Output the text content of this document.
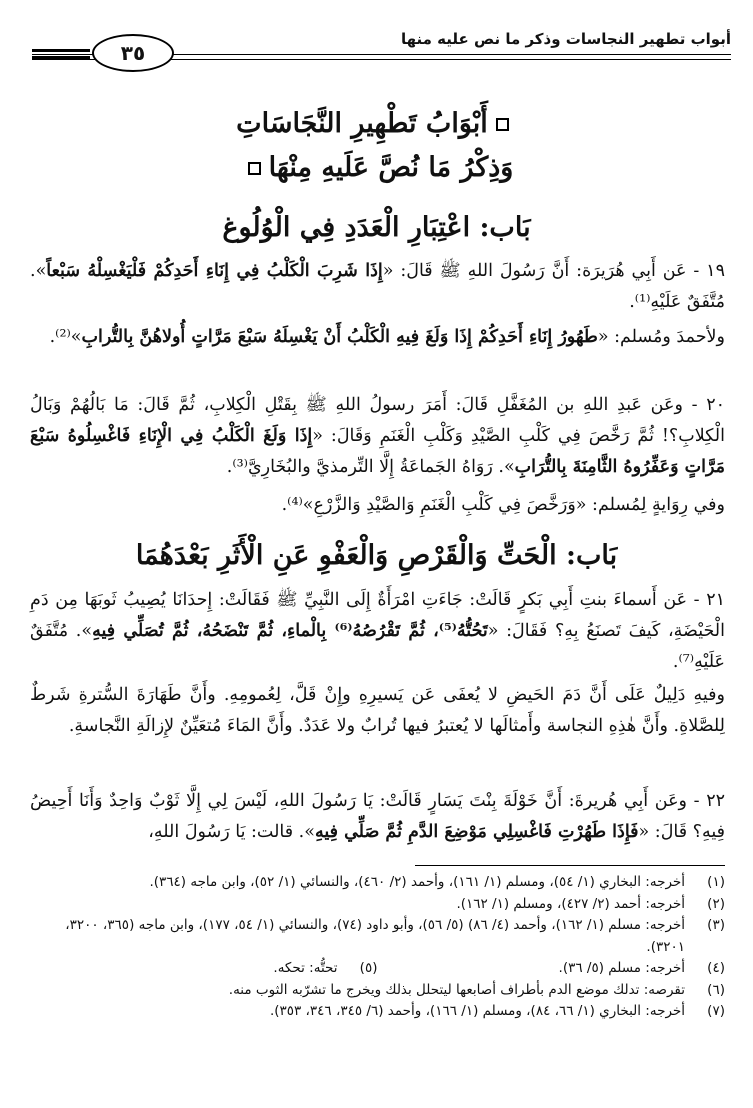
أبواب تطهير النجاسات وذكر ما نص عليه منها
٣٥
أَبْوَابُ تَطْهِيرِ النَّجَاسَاتِ
وَذِكْرُ مَا نُصَّ عَلَيهِ مِنْهَا
بَاب: اعْتِبَارِ الْعَدَدِ فِي الْوُلُوغ
١٩ - عَن أَبِي هُرَيرَة: أَنَّ رَسُولَ اللهِ ﷺ قَالَ: «إِذَا شَرِبَ الْكَلْبُ فِي إِنَاءِ أَحَدِكُمْ فَلْيَغْسِلْهُ سَبْعاً». مُتَّفَقٌ عَلَيْهِ⁽¹⁾.
ولأحمدَ ومُسلم: «طَهُورُ إِنَاءِ أَحَدِكُمْ إِذَا وَلَغَ فِيهِ الْكَلْبُ أَنْ يَغْسِلَهُ سَبْعَ مَرَّاتٍ أُولاهُنَّ بِالتُّرابِ»⁽²⁾.
٢٠ - وعَن عَبدِ اللهِ بن المُغَفَّلِ قَالَ: أَمَرَ رسولُ اللهِ ﷺ بِقَتْلِ الْكِلابِ، ثُمَّ قَالَ: مَا بَالُهُمْ وَبَالُ الْكِلابِ؟! ثُمَّ رَخَّصَ فِي كَلْبِ الصَّيْدِ وَكَلْبِ الْغَنَمِ وَقَالَ: «إِذَا وَلَغَ الْكَلْبُ فِي الْإِنَاءِ فَاغْسِلُوهُ سَبْعَ مَرَّاتٍ وَعَفِّرُوهُ الثَّامِنَةَ بِالتُّرَابِ». رَوَاهُ الجَماعَةُ إِلَّا التِّرمذيَّ والبُخَارِيَّ⁽³⁾.
وفي رِوَايةٍ لِمُسلم: «وَرَخَّصَ فِي كَلْبِ الْغَنَمِ وَالصَّيْدِ وَالزَّرْعِ»⁽⁴⁾.
بَاب: الْحَتِّ وَالْقَرْصِ وَالْعَفْوِ عَنِ الْأَثَرِ بَعْدَهُمَا
٢١ - عَن أَسماءَ بنتِ أَبِي بَكرٍ قَالَتْ: جَاءَتِ امْرَأَةٌ إِلَى النَّبِيِّ ﷺ فَقَالَتْ: إِحدَانَا يُصِيبُ ثَوبَهَا مِن دَمِ الْحَيْضَةِ، كَيفَ تَصنَعُ بِهِ؟ فَقَالَ: «تَحُتُّهُ⁽⁵⁾، ثُمَّ تَقْرُصُهُ⁽⁶⁾ بِالْماءِ، ثُمَّ تَنْضَحُهُ، ثُمَّ تُصَلِّي فِيهِ». مُتَّفَقٌ عَلَيْهِ⁽⁷⁾.
وفيهِ دَلِيلٌ عَلَى أَنَّ دَمَ الحَيضِ لا يُعفَى عَن يَسيرِهِ وإِنْ قَلَّ، لِعُمومِهِ. وأَنَّ طَهَارَةَ السُّترةِ شَرطٌ لِلصَّلاةِ. وأَنَّ هٰذِهِ النجاسة وأَمثالَها لا يُعتبرُ فيها تُرابٌ ولا عَدَدٌ. وأَنَّ المَاءَ مُتعَيِّنٌ لإِزالَةِ النَّجاسةِ.
٢٢ - وعَن أَبِي هُريرةَ: أَنَّ خَوْلَةَ بِنْتَ يَسَارٍ قَالَتْ: يَا رَسُولَ اللهِ، لَيْسَ لِي إِلَّا ثَوْبٌ وَاحِدٌ وَأَنَا أَحِيضُ فِيهِ؟ قَالَ: «فَإِذَا طَهُرْتِ فَاغْسِلِي مَوْضِعَ الدَّمِ ثُمَّ صَلِّي فِيهِ». قالت: يَا رَسُولَ اللهِ،
(١)
أخرجه: البخاري (١/ ٥٤)، ومسلم (١/ ١٦١)، وأحمد (٢/ ٤٦٠)، والنسائي (١/ ٥٢)، وابن ماجه (٣٦٤).
(٢)
أخرجه: أحمد (٢/ ٤٢٧)، ومسلم (١/ ١٦٢).
(٣)
أخرجه: مسلم (١/ ١٦٢)، وأحمد (٤/ ٨٦) (٥/ ٥٦)، وأبو داود (٧٤)، والنسائي (١/ ٥٤، ١٧٧)، وابن ماجه (٣٦٥، ٣٢٠٠، ٣٢٠١).
(٤)
أخرجه: مسلم (٥/ ٣٦).
(٥)
تحتُّه: تحكه.
(٦)
تقرصه: تدلك موضع الدم بأطراف أصابعها ليتحلل بذلك ويخرج ما تشرّبه الثوب منه.
(٧)
أخرجه: البخاري (١/ ٦٦، ٨٤)، ومسلم (١/ ١٦٦)، وأحمد (٦/ ٣٤٥، ٣٤٦، ٣٥٣).
